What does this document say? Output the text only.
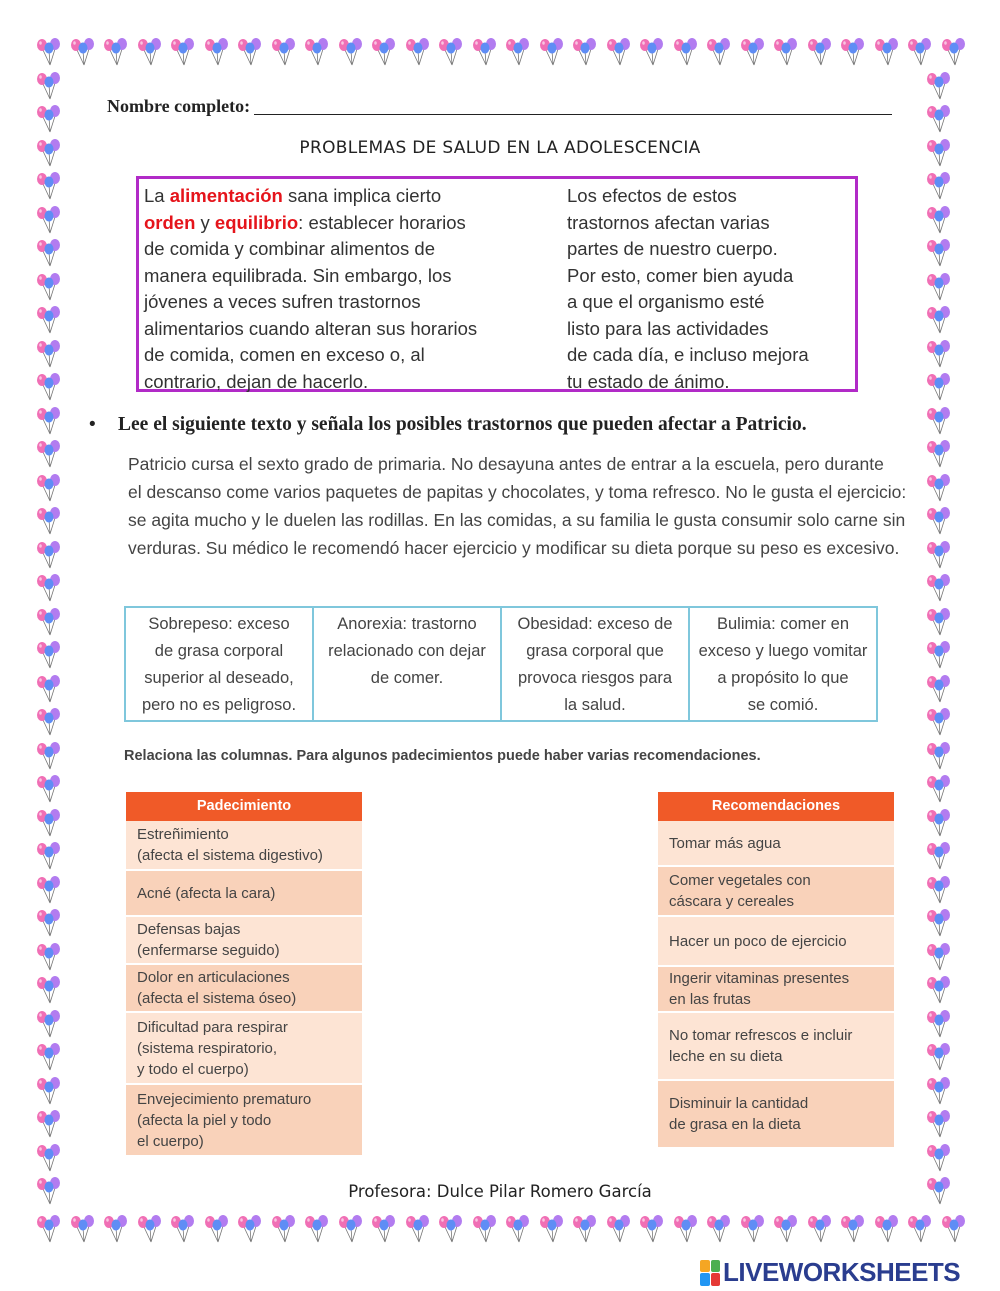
Nombre completo:
PROBLEMAS DE SALUD EN LA ADOLESCENCIA

La alimentación sana implica cierto

orden y equilibrio: establecer horarios

de comida y combinar alimentos de

manera equilibrada. Sin embargo, los

jóvenes a veces sufren trastornos

alimentarios cuando alteran sus horarios

de comida, comen en exceso o, al

contrario, dejan de hacerlo.

Los efectos de estos

trastornos afectan varias

partes de nuestro cuerpo.

Por esto, comer bien ayuda

a que el organismo esté

listo para las actividades

de cada día, e incluso mejora

tu estado de ánimo.

• Lee el siguiente texto y señala los posibles trastornos que pueden afectar a Patricio.

Patricio cursa el sexto grado de primaria. No desayuna antes de entrar a la escuela, pero durante

el descanso come varios paquetes de papitas y chocolates, y toma refresco. No le gusta el ejercicio:

se agita mucho y le duelen las rodillas. En las comidas, a su familia le gusta consumir solo carne sin

verduras. Su médico le recomendó hacer ejercicio y modificar su dieta porque su peso es excesivo.

Sobrepeso: exceso
de grasa corporal
superior al deseado,
pero no es peligroso.
Anorexia: trastorno
relacionado con dejar
de comer.
Obesidad: exceso de
grasa corporal que
provoca riesgos para
la salud.
Bulimia: comer en
exceso y luego vomitar
a propósito lo que
se comió.
Relaciona las columnas. Para algunos padecimientos puede haber varias recomendaciones.
Padecimiento
Estreñimiento
(afecta el sistema digestivo)
Acné (afecta la cara)
Defensas bajas
(enfermarse seguido)
Dolor en articulaciones
(afecta el sistema óseo)
Dificultad para respirar
(sistema respiratorio,
y todo el cuerpo)
Envejecimiento prematuro
(afecta la piel y todo
el cuerpo)
Recomendaciones
Tomar más agua
Comer vegetales con
cáscara y cereales
Hacer un poco de ejercicio
Ingerir vitaminas presentes
en las frutas
No tomar refrescos e incluir
leche en su dieta
Disminuir la cantidad
de grasa en la dieta
Profesora: Dulce Pilar Romero García
LIVEWORKSHEETS
